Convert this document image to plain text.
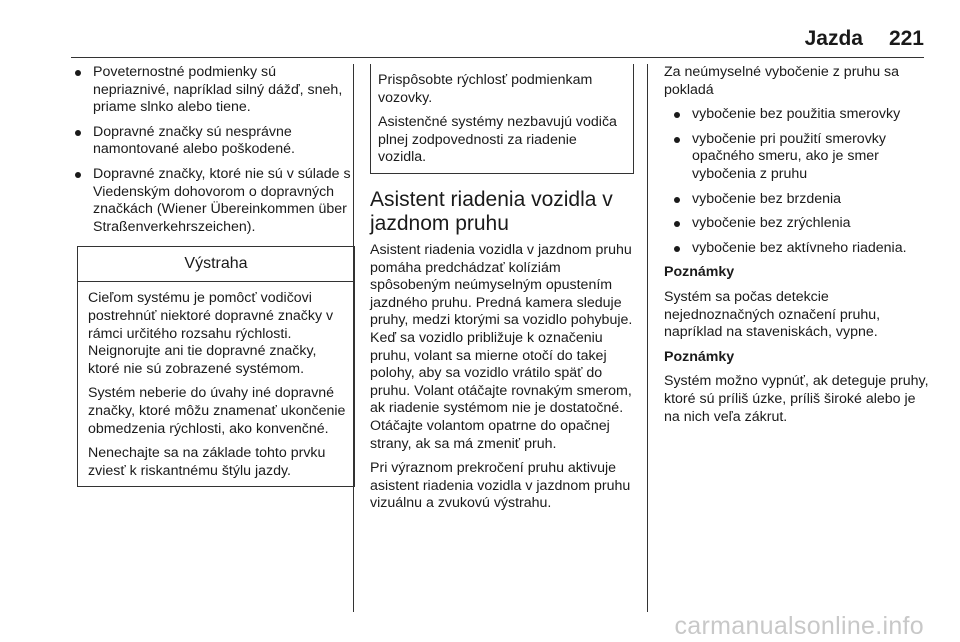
Jazda 221
Poveternostné podmienky sú nepriaznivé, napríklad silný dážď, sneh, priame slnko alebo tiene.
Dopravné značky sú nesprávne namontované alebo poškodené.
Dopravné značky, ktoré nie sú v súlade s Viedenským dohovorom o dopravných značkách (Wiener Übereinkommen über Straßenverkehrszeichen).
Výstraha

Cieľom systému je pomôcť vodičovi postrehnúť niektoré dopravné značky v rámci určitého rozsahu rýchlosti. Neignorujte ani tie dopravné značky, ktoré nie sú zobrazené systémom.

Systém neberie do úvahy iné dopravné značky, ktoré môžu znamenať ukončenie obmedzenia rýchlosti, ako konvenčné.

Nenechajte sa na základe tohto prvku zviesť k riskantnému štýlu jazdy.

Prispôsobte rýchlosť podmienkam vozovky.

Asistenčné systémy nezbavujú vodiča plnej zodpovednosti za riadenie vozidla.

Asistent riadenia vozidla v jazdnom pruhu

Asistent riadenia vozidla v jazdnom pruhu pomáha predchádzať kolíziám spôsobeným neúmyselným opustením jazdného pruhu. Predná kamera sleduje pruhy, medzi ktorými sa vozidlo pohybuje. Keď sa vozidlo približuje k označeniu pruhu, volant sa mierne otočí do takej polohy, aby sa vozidlo vrátilo späť do pruhu. Volant otáčajte rovnakým smerom, ak riadenie systémom nie je dostatočné. Otáčajte volantom opatrne do opačnej strany, ak sa má zmeniť pruh.

Pri výraznom prekročení pruhu aktivuje asistent riadenia vozidla v jazdnom pruhu vizuálnu a zvukovú výstrahu.

Za neúmyselné vybočenie z pruhu sa pokladá

vybočenie bez použitia smerovky
vybočenie pri použití smerovky opačného smeru, ako je smer vybočenia z pruhu
vybočenie bez brzdenia
vybočenie bez zrýchlenia
vybočenie bez aktívneho riadenia.

Poznámky

Systém sa počas detekcie nejednoznačných označení pruhu, napríklad na staveniskách, vypne.

Poznámky

Systém možno vypnúť, ak deteguje pruhy, ktoré sú príliš úzke, príliš široké alebo je na nich veľa zákrut.

carmanualsonline.info
